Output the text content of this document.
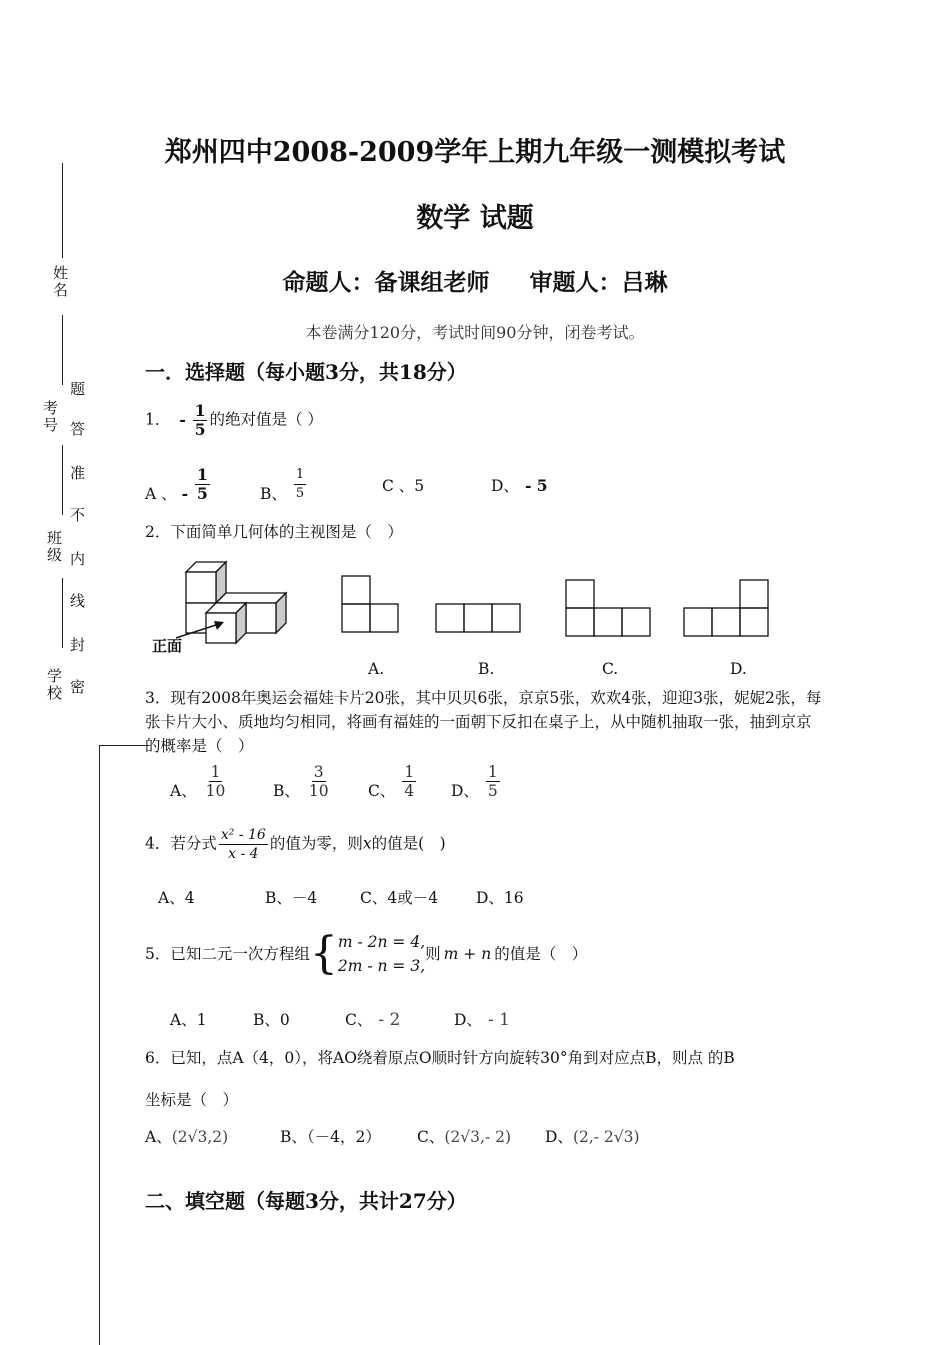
姓名
考号
班级
学校
题
答
准
不
内
线
封
密
郑州四中2008-2009学年上期九年级一测模拟考试
数学 试题
命题人：备课组老师 审题人：吕琳
本卷满分120分，考试时间90分钟，闭卷考试。
一．选择题（每小题3分，共18分）
1． - $\frac{1}{5}$ 的绝对值是（ ）
A 、 - $\frac{1}{5}$	B、 $\frac{1}{5}$	C 、5	D、 - 5
2．下面简单几何体的主视图是（　）
正面
A.	B.	C.	D.
3．现有2008年奥运会福娃卡片20张，其中贝贝6张，京京5张，欢欢4张，迎迎3张，妮妮2张，每张卡片大小、质地均匀相同，将画有福娃的一面朝下反扣在桌子上，从中随机抽取一张，抽到京京的概率是（　）
A、 $\frac{1}{10}$	B、 $\frac{3}{10}$ C、 $\frac{1}{4}$ D、 $\frac{1}{5}$
4．若分式 $\frac{\text{x² - 16}}{x - 4}$ 的值为零，则x的值是(　)
A、4	B、－4	C、4或－4 D、16
5．已知二元一次方程组{ m - 2n = 4,
2m - n = 3,
则 m + n 的值是（　）
A、1	B、0	C、 - 2	D、 - 1
6．已知，点A（4，0），将AO绕着原点O顺时针方向旋转30°角到对应点B，则点 的B
坐标是（　）
A、(2√3,2)	B、（－4，2） C、(2√3,- 2) D、(2,- 2√3)
二、填空题（每题3分，共计27分）
